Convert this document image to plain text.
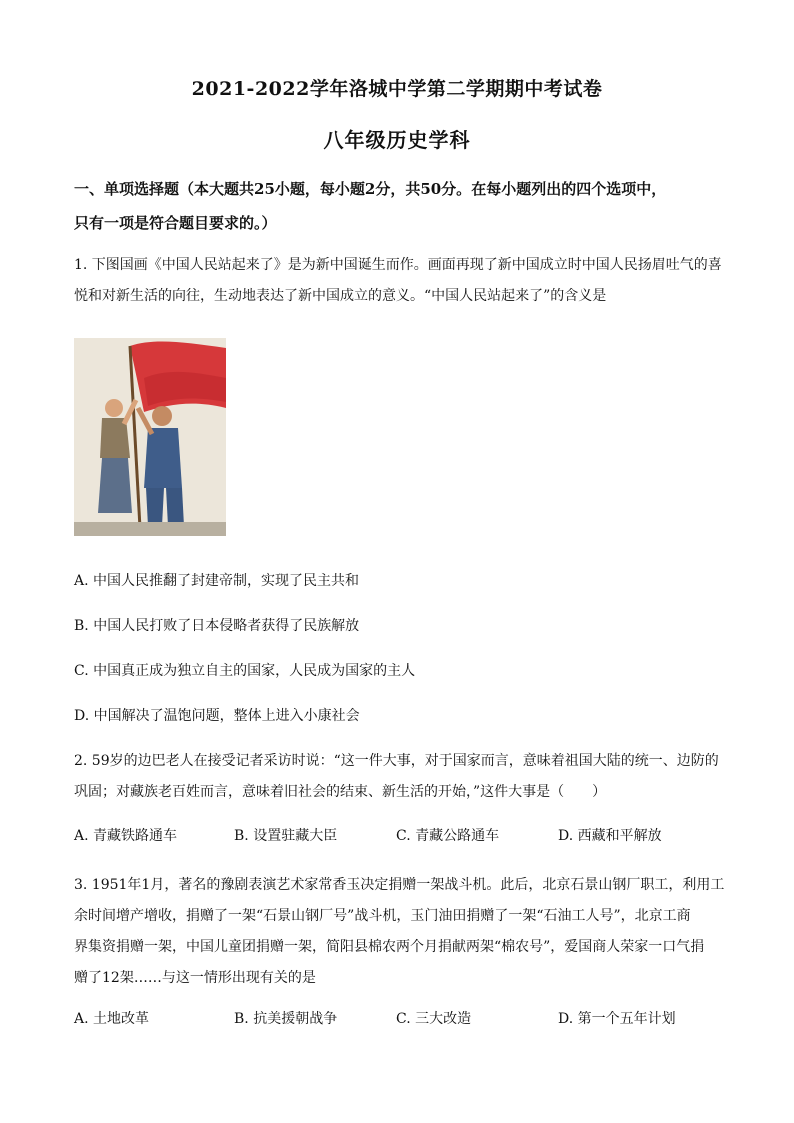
2021-2022学年洛城中学第二学期期中考试卷
八年级历史学科
一、单项选择题（本大题共25小题，每小题2分，共50分。在每小题列出的四个选项中，
只有一项是符合题目要求的。）
1. 下图国画《中国人民站起来了》是为新中国诞生而作。画面再现了新中国成立时中国人民扬眉吐气的喜
悦和对新生活的向往，生动地表达了新中国成立的意义。“中国人民站起来了”的含义是
A. 中国人民推翻了封建帝制，实现了民主共和
B. 中国人民打败了日本侵略者获得了民族解放
C. 中国真正成为独立自主的国家，人民成为国家的主人
D. 中国解决了温饱问题，整体上进入小康社会
2. 59岁的边巴老人在接受记者采访时说：“这一件大事，对于国家而言，意味着祖国大陆的统一、边防的
巩固；对藏族老百姓而言，意味着旧社会的结束、新生活的开始，”这件大事是（　　）
A. 青藏铁路通车	B. 设置驻藏大臣	C. 青藏公路通车	D. 西藏和平解放
3. 1951年1月，著名的豫剧表演艺术家常香玉决定捐赠一架战斗机。此后，北京石景山钢厂职工，利用工
余时间增产增收，捐赠了一架“石景山钢厂号”战斗机，玉门油田捐赠了一架“石油工人号”，北京工商
界集资捐赠一架，中国儿童团捐赠一架，简阳县棉农两个月捐献两架“棉农号”，爱国商人荣家一口气捐
赠了12架……与这一情形出现有关的是
A. 土地改革	B. 抗美援朝战争	C. 三大改造	D. 第一个五年计划
